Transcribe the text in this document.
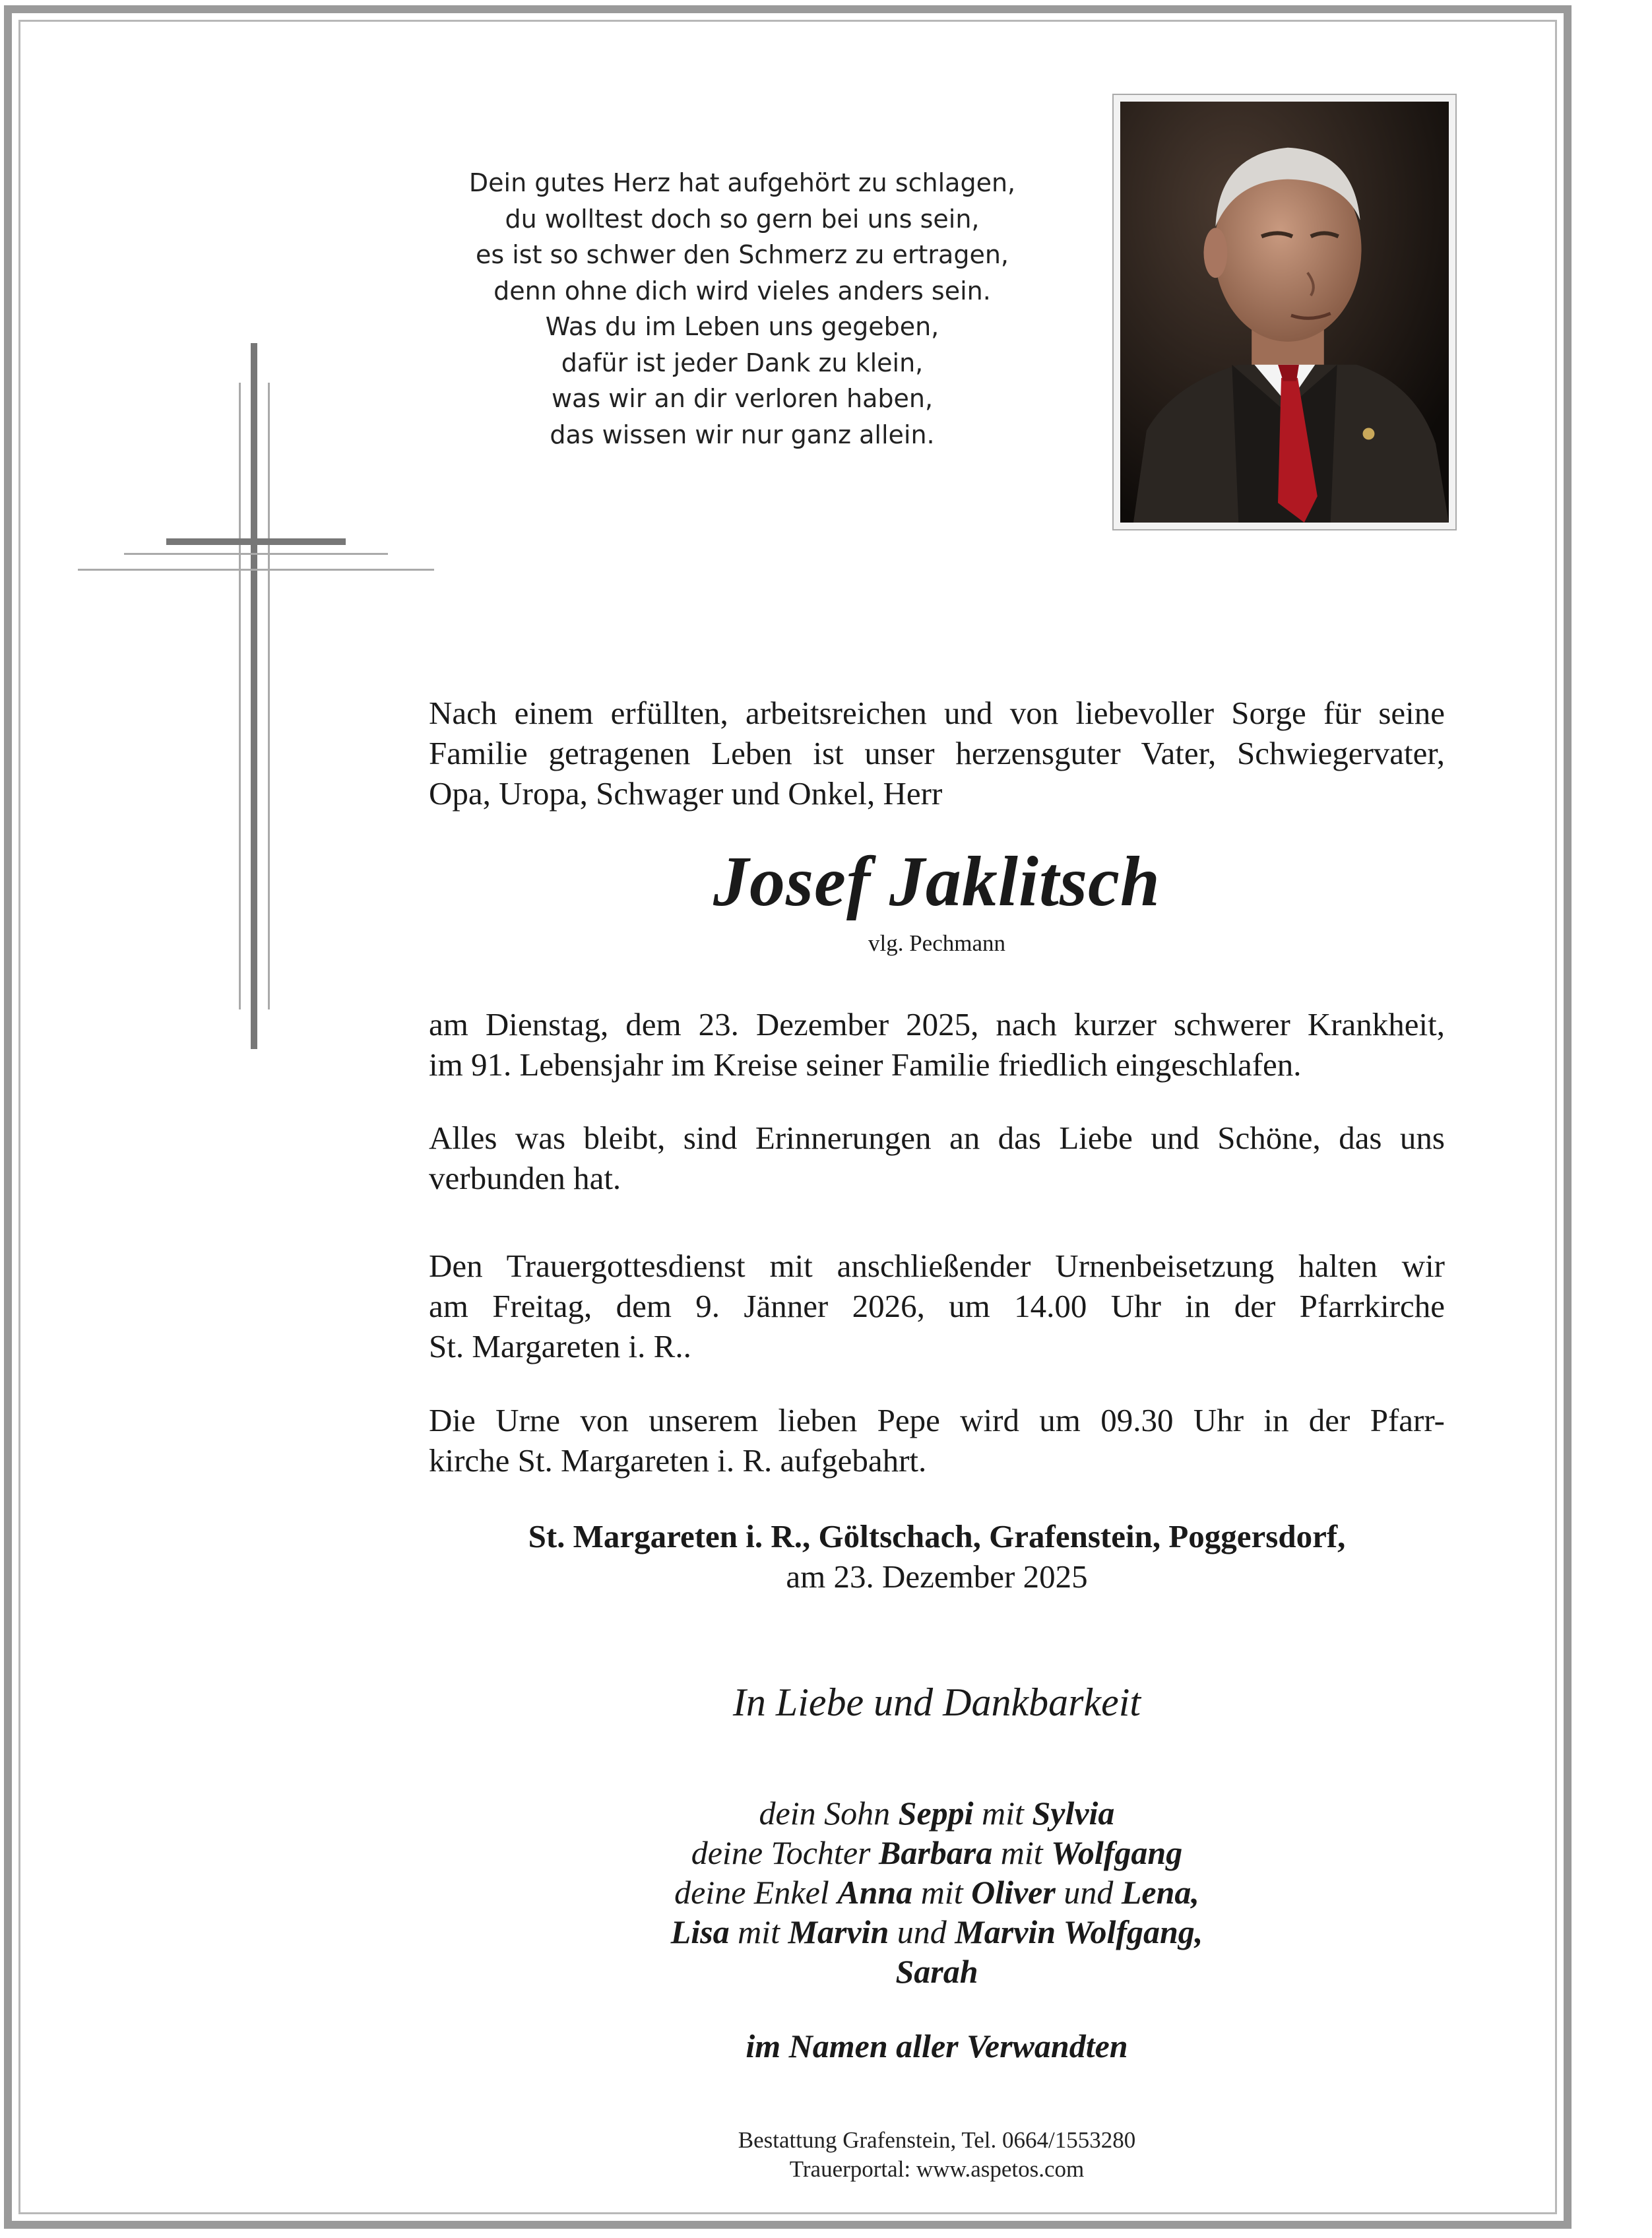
Dein gutes Herz hat aufgehört zu schlagen,
du wolltest doch so gern bei uns sein,
es ist so schwer den Schmerz zu ertragen,
denn ohne dich wird vieles anders sein.
Was du im Leben uns gegeben,
dafür ist jeder Dank zu klein,
was wir an dir verloren haben,
das wissen wir nur ganz allein.
Nach einem erfüllten, arbeitsreichen und von liebevoller Sorge für seine
Familie getragenen Leben ist unser herzensguter Vater, Schwiegervater,
Opa, Uropa, Schwager und Onkel, Herr
Josef Jaklitsch
vlg. Pechmann
am Dienstag, dem 23. Dezember 2025, nach kurzer schwerer Krankheit,
im 91. Lebensjahr im Kreise seiner Familie friedlich eingeschlafen.
Alles was bleibt, sind Erinnerungen an das Liebe und Schöne, das uns
verbunden hat.
Den Trauergottesdienst mit anschließender Urnenbeisetzung halten wir
am Freitag, dem 9. Jänner 2026, um 14.00 Uhr in der Pfarrkirche
St. Margareten i. R..
Die Urne von unserem lieben Pepe wird um 09.30 Uhr in der Pfarr-
kirche St. Margareten i. R. aufgebahrt.
St. Margareten i. R., Göltschach, Grafenstein, Poggersdorf,
am 23. Dezember 2025
In Liebe und Dankbarkeit
dein Sohn Seppi mit Sylvia
deine Tochter Barbara mit Wolfgang
deine Enkel Anna mit Oliver und Lena,
Lisa mit Marvin und Marvin Wolfgang,
Sarah
im Namen aller Verwandten
Bestattung Grafenstein, Tel. 0664/1553280
Trauerportal: www.aspetos.com
